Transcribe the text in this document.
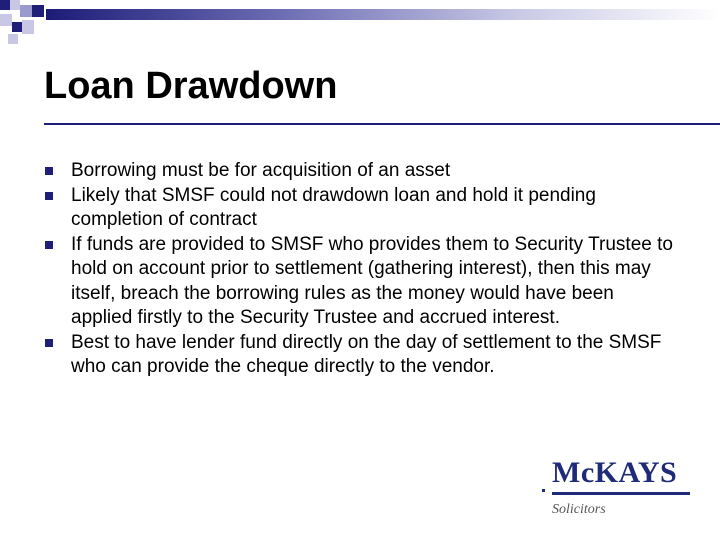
Loan Drawdown
Borrowing must be for acquisition of an asset
Likely that SMSF could not drawdown loan and hold it pending completion of contract
If funds are provided to SMSF who provides them to Security Trustee to hold on account prior to settlement (gathering interest), then this may itself, breach the borrowing rules as the money would have been applied firstly to the Security Trustee and accrued interest.
Best to have lender fund directly on the day of settlement to the SMSF who can provide the cheque directly to the vendor.
McKAYS
Solicitors
